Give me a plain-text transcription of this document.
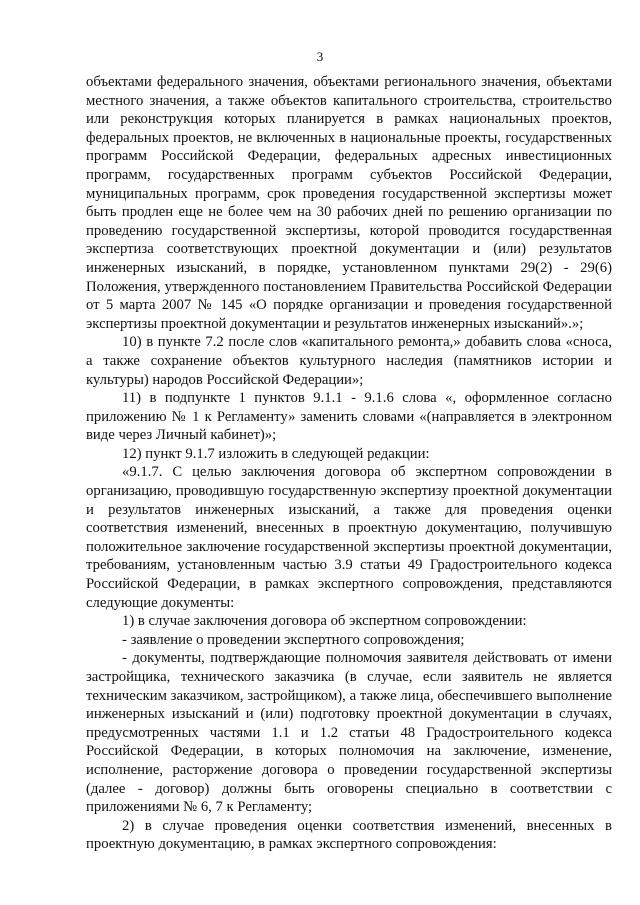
3

объектами федерального значения, объектами регионального значения, объектами местного значения, а также объектов капитального строительства, строительство или реконструкция которых планируется в рамках национальных проектов, федеральных проектов, не включенных в национальные проекты, государственных программ Российской Федерации, федеральных адресных инвестиционных программ, государственных программ субъектов Российской Федерации, муниципальных программ, срок проведения государственной экспертизы может быть продлен еще не более чем на 30 рабочих дней по решению организации по проведению государственной экспертизы, которой проводится государственная экспертиза соответствующих проектной документации и (или) результатов инженерных изысканий, в порядке, установленном пунктами 29(2) - 29(6) Положения, утвержденного постановлением Правительства Российской Федерации от 5 марта 2007 № 145 «О порядке организации и проведения государственной экспертизы проектной документации и результатов инженерных изысканий».»;

10) в пункте 7.2 после слов «капитального ремонта,» добавить слова «сноса, а также сохранение объектов культурного наследия (памятников истории и культуры) народов Российской Федерации»;

11) в подпункте 1 пунктов 9.1.1 - 9.1.6 слова «, оформленное согласно приложению № 1 к Регламенту» заменить словами «(направляется в электронном виде через Личный кабинет)»;

12) пункт 9.1.7 изложить в следующей редакции:

«9.1.7. С целью заключения договора об экспертном сопровождении в организацию, проводившую государственную экспертизу проектной документации и результатов инженерных изысканий, а также для проведения оценки соответствия изменений, внесенных в проектную документацию, получившую положительное заключение государственной экспертизы проектной документации, требованиям, установленным частью 3.9 статьи 49 Градостроительного кодекса Российской Федерации, в рамках экспертного сопровождения, представляются следующие документы:

1) в случае заключения договора об экспертном сопровождении:

- заявление о проведении экспертного сопровождения;

- документы, подтверждающие полномочия заявителя действовать от имени застройщика, технического заказчика (в случае, если заявитель не является техническим заказчиком, застройщиком), а также лица, обеспечившего выполнение инженерных изысканий и (или) подготовку проектной документации в случаях, предусмотренных частями 1.1 и 1.2 статьи 48 Градостроительного кодекса Российской Федерации, в которых полномочия на заключение, изменение, исполнение, расторжение договора о проведении государственной экспертизы (далее - договор) должны быть оговорены специально в соответствии с приложениями № 6, 7 к Регламенту;

2) в случае проведения оценки соответствия изменений, внесенных в проектную документацию, в рамках экспертного сопровождения:
